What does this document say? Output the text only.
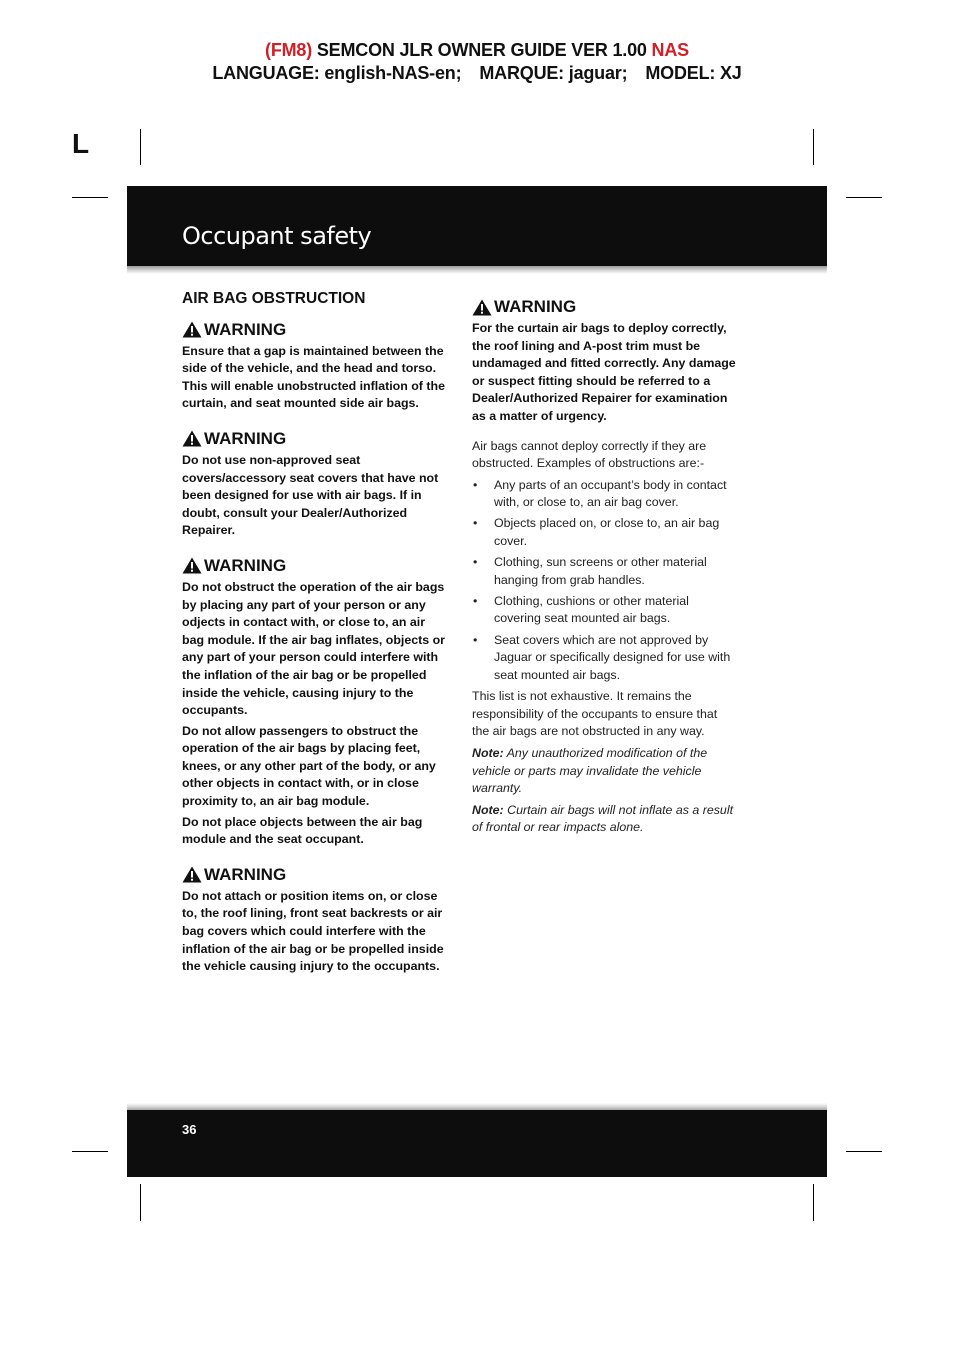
(FM8) SEMCON JLR OWNER GUIDE VER 1.00 NAS
LANGUAGE: english-NAS-en; MARQUE: jaguar; MODEL: XJ
L
Occupant safety
AIR BAG OBSTRUCTION
WARNING

Ensure that a gap is maintained between the side of the vehicle, and the head and torso. This will enable unobstructed inflation of the curtain, and seat mounted side air bags.

WARNING

Do not use non-approved seat covers/accessory seat covers that have not been designed for use with air bags. If in doubt, consult your Dealer/Authorized Repairer.

WARNING

Do not obstruct the operation of the air bags by placing any part of your person or any odjects in contact with, or close to, an air bag module. If the air bag inflates, objects or any part of your person could interfere with the inflation of the air bag or be propelled inside the vehicle, causing injury to the occupants.

Do not allow passengers to obstruct the operation of the air bags by placing feet, knees, or any other part of the body, or any other objects in contact with, or in close proximity to, an air bag module.

Do not place objects between the air bag module and the seat occupant.

WARNING

Do not attach or position items on, or close to, the roof lining, front seat backrests or air bag covers which could interfere with the inflation of the air bag or be propelled inside the vehicle causing injury to the occupants.

WARNING

For the curtain air bags to deploy correctly, the roof lining and A-post trim must be undamaged and fitted correctly. Any damage or suspect fitting should be referred to a Dealer/Authorized Repairer for examination as a matter of urgency.

Air bags cannot deploy correctly if they are obstructed. Examples of obstructions are:-

• Any parts of an occupant’s body in contact with, or close to, an air bag cover.
• Objects placed on, or close to, an air bag cover.
• Clothing, sun screens or other material hanging from grab handles.
• Clothing, cushions or other material covering seat mounted air bags.
• Seat covers which are not approved by Jaguar or specifically designed for use with seat mounted air bags.

This list is not exhaustive. It remains the responsibility of the occupants to ensure that the air bags are not obstructed in any way.

Note: Any unauthorized modification of the vehicle or parts may invalidate the vehicle warranty.

Note: Curtain air bags will not inflate as a result of frontal or rear impacts alone.

36
